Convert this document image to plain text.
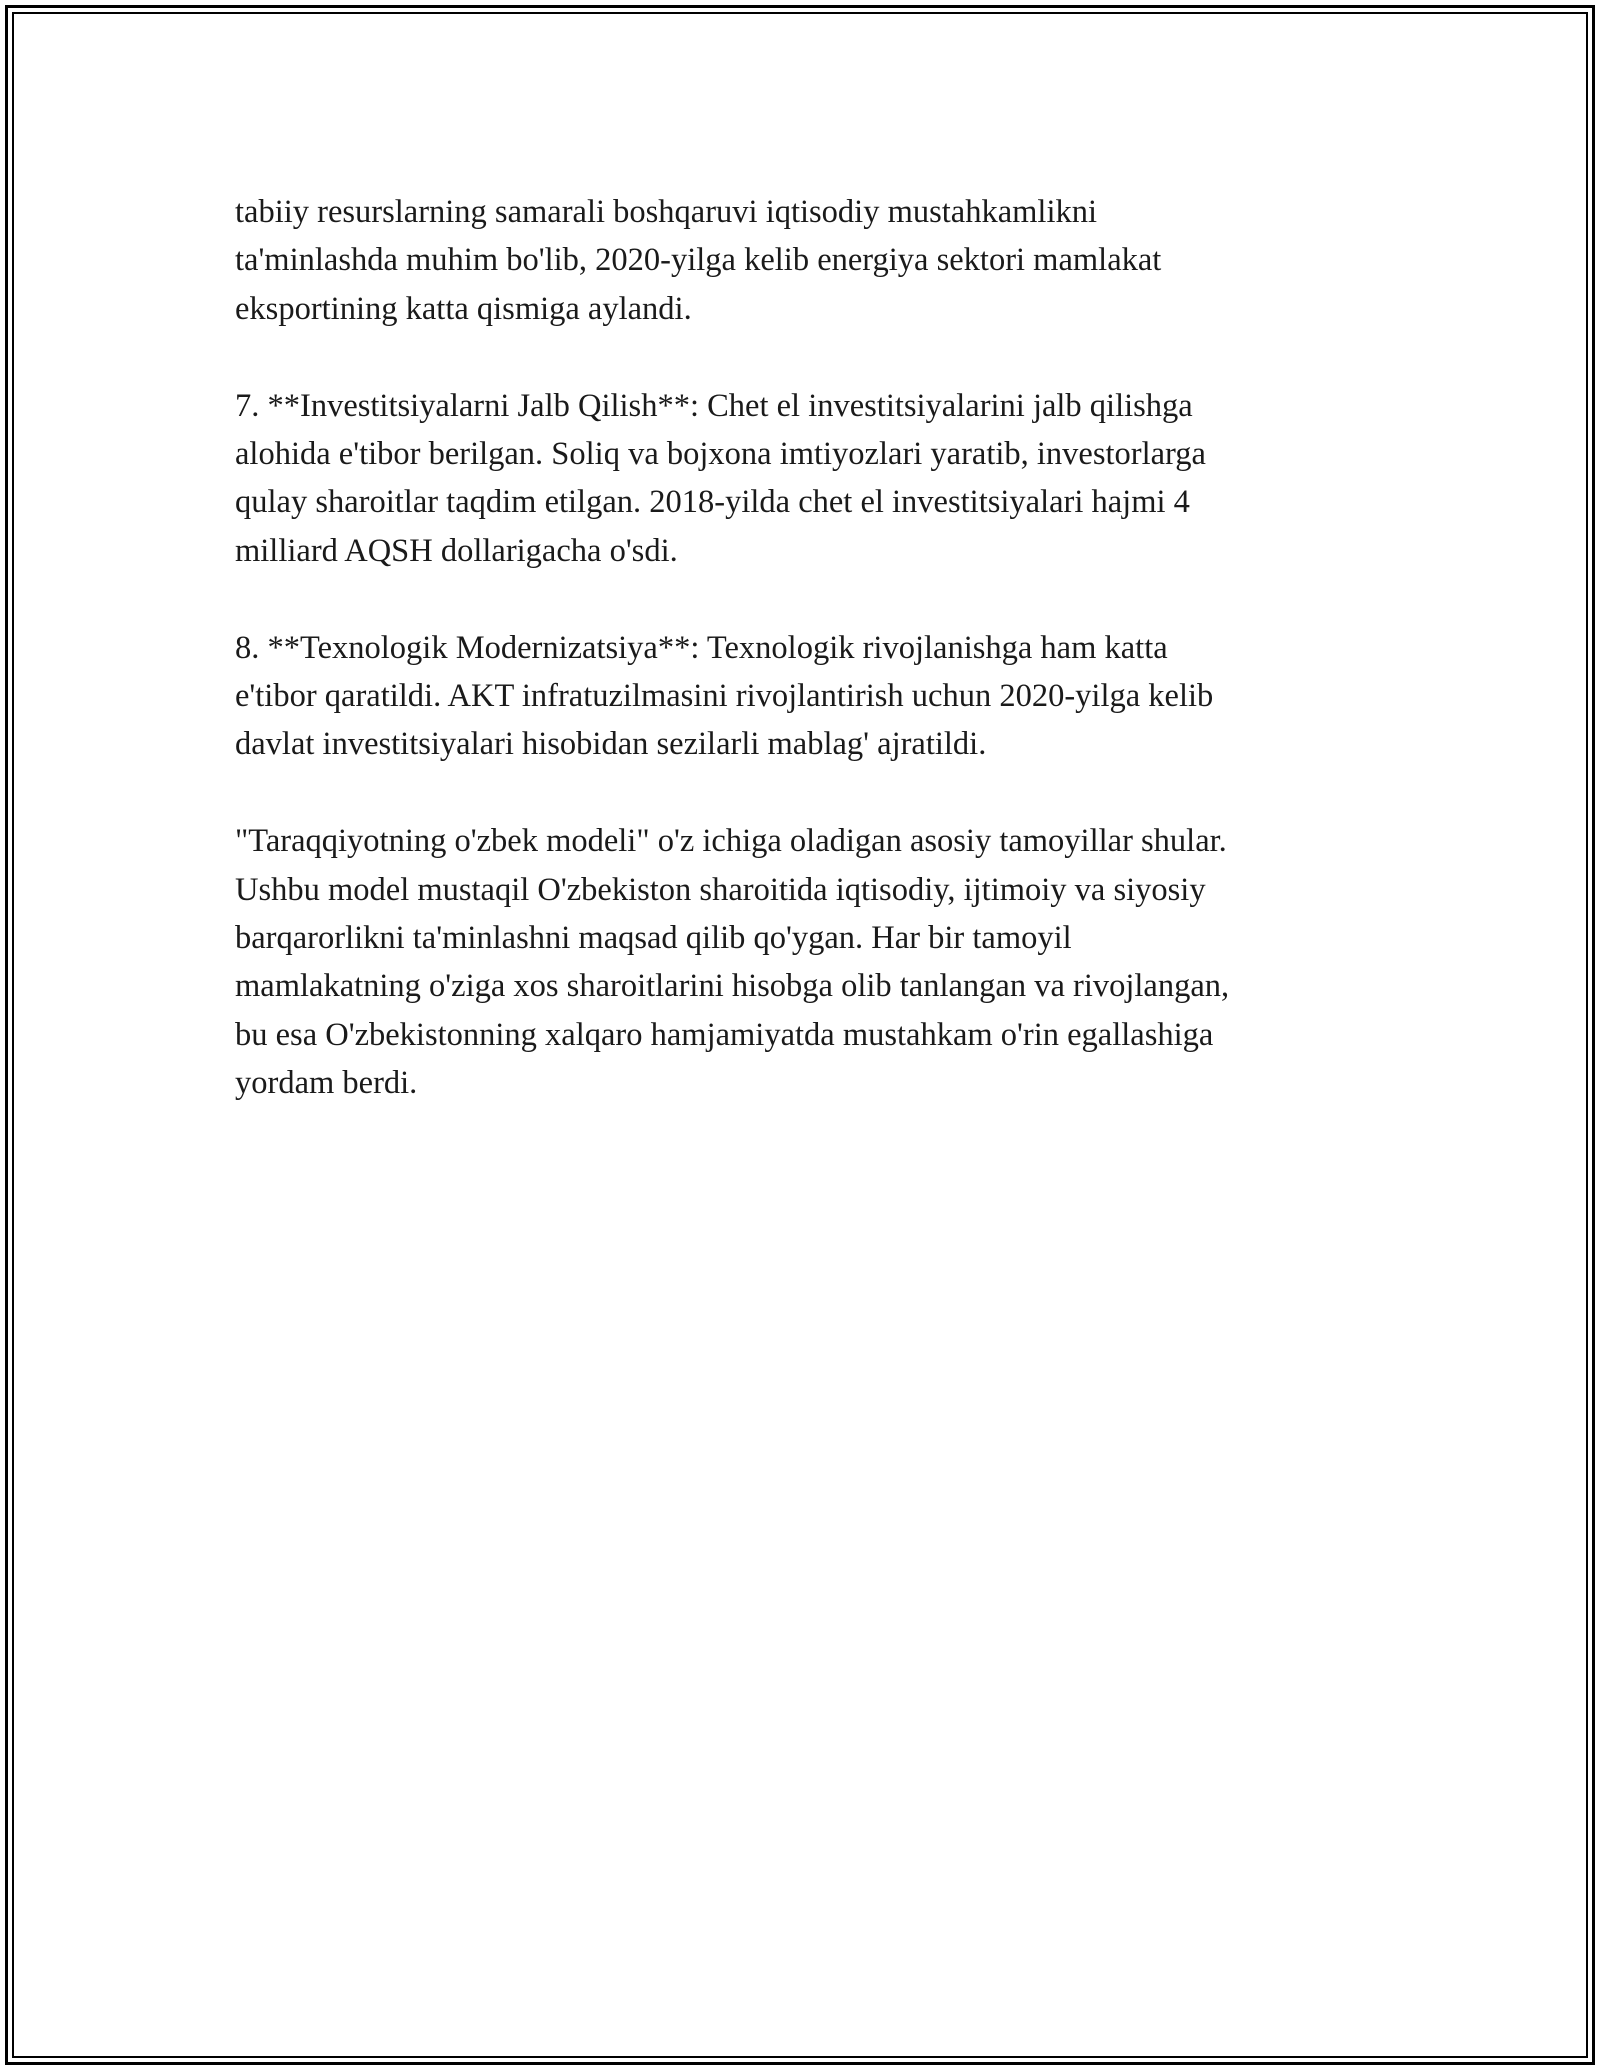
tabiiy resurslarning samarali boshqaruvi iqtisodiy mustahkamlikni
ta'minlashda muhim bo'lib, 2020-yilga kelib energiya sektori mamlakat
eksportining katta qismiga aylandi.

7. **Investitsiyalarni Jalb Qilish**: Chet el investitsiyalarini jalb qilishga
alohida e'tibor berilgan. Soliq va bojxona imtiyozlari yaratib, investorlarga
qulay sharoitlar taqdim etilgan. 2018-yilda chet el investitsiyalari hajmi 4
milliard AQSH dollarigacha o'sdi.

8. **Texnologik Modernizatsiya**: Texnologik rivojlanishga ham katta
e'tibor qaratildi. AKT infratuzilmasini rivojlantirish uchun 2020-yilga kelib
davlat investitsiyalari hisobidan sezilarli mablag' ajratildi.

"Taraqqiyotning o'zbek modeli" o'z ichiga oladigan asosiy tamoyillar shular.
Ushbu model mustaqil O'zbekiston sharoitida iqtisodiy, ijtimoiy va siyosiy
barqarorlikni ta'minlashni maqsad qilib qo'ygan. Har bir tamoyil
mamlakatning o'ziga xos sharoitlarini hisobga olib tanlangan va rivojlangan,
bu esa O'zbekistonning xalqaro hamjamiyatda mustahkam o'rin egallashiga
yordam berdi.
